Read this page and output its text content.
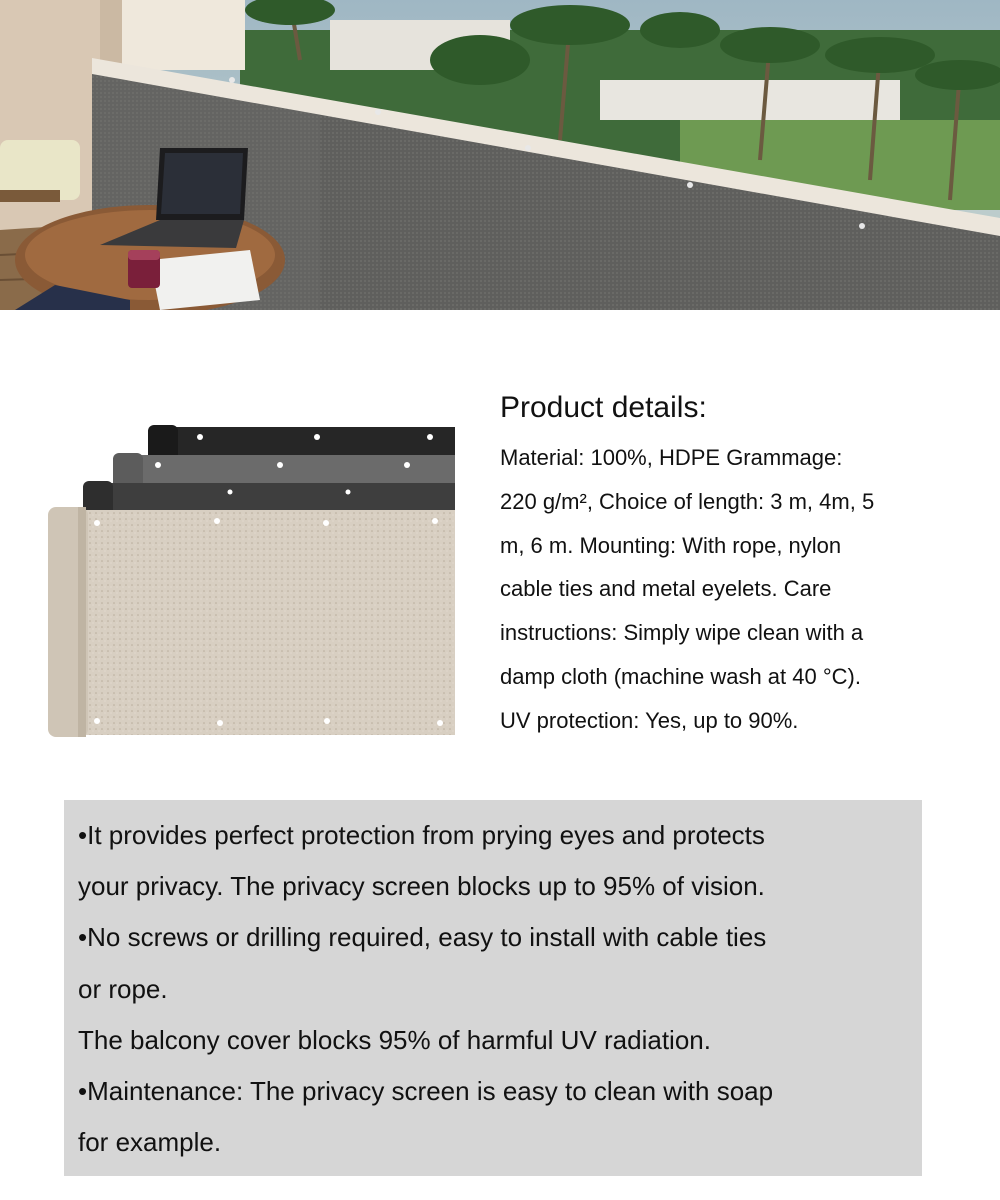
Product details:
Material: 100%, HDPE Grammage:
220 g/m², Choice of length: 3 m, 4m, 5
m, 6 m. Mounting: With rope, nylon
cable ties and metal eyelets. Care
instructions: Simply wipe clean with a
damp cloth (machine wash at 40 °C).
UV protection: Yes, up to 90%.

•It provides perfect protection from prying eyes and protects

your privacy. The privacy screen blocks up to 95% of vision.

•No screws or drilling required, easy to install with cable ties

or rope.

The balcony cover blocks 95% of harmful UV radiation.

•Maintenance: The privacy screen is easy to clean with soap

for example.
